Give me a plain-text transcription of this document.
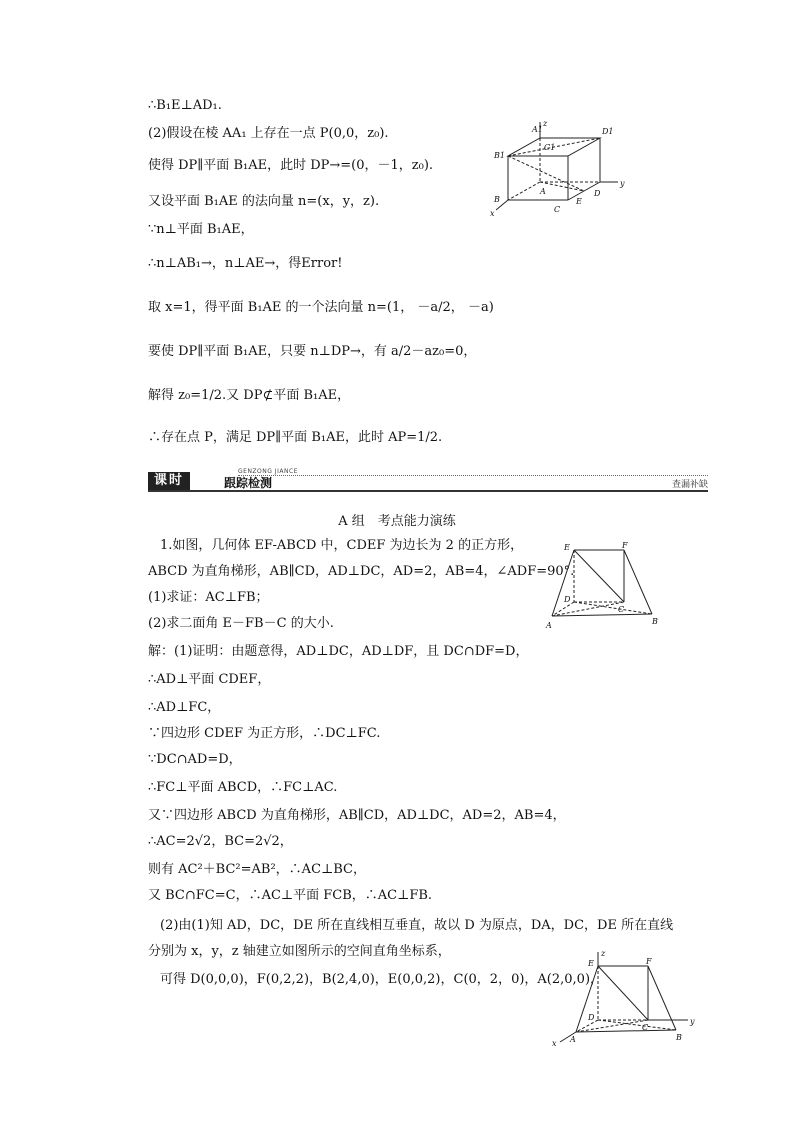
∴B₁E⊥AD₁.
(2)假设在棱 AA₁ 上存在一点 P(0,0，z₀).
使得 DP∥平面 B₁AE，此时 DP→=(0，－1，z₀).
又设平面 B₁AE 的法向量 n=(x，y，z).
∵n⊥平面 B₁AE，
∴n⊥AB₁→，n⊥AE→，得Error!
取 x=1，得平面 B₁AE 的一个法向量 n=(1， －a/2， －a)
要使 DP∥平面 B₁AE，只要 n⊥DP→，有 a/2－az₀=0，
解得 z₀=1/2.又 DP⊄平面 B₁AE，
∴存在点 P，满足 DP∥平面 B₁AE，此时 AP=1/2.
A1
z
D1
C1
B1
B
A	D
y
E
C
x
课时
GENZONG JIANCE
跟踪检测	查漏补缺
A 组　考点能力演练
1.如图，几何体 EF-ABCD 中，CDEF 为边长为 2 的正方形，
ABCD 为直角梯形，AB∥CD，AD⊥DC，AD=2，AB=4，∠ADF=90°.
(1)求证：AC⊥FB；
(2)求二面角 E－FB－C 的大小.
E	F
D
C
A	B
解：(1)证明：由题意得，AD⊥DC，AD⊥DF，且 DC∩DF=D，
∴AD⊥平面 CDEF，
∴AD⊥FC，
∵四边形 CDEF 为正方形，∴DC⊥FC.
∵DC∩AD=D，
∴FC⊥平面 ABCD，∴FC⊥AC.
又∵四边形 ABCD 为直角梯形，AB∥CD，AD⊥DC，AD=2，AB=4，
∴AC=2√2，BC=2√2，
则有 AC²＋BC²=AB²，∴AC⊥BC，
又 BC∩FC=C，∴AC⊥平面 FCB，∴AC⊥FB.
(2)由(1)知 AD，DC，DE 所在直线相互垂直，故以 D 为原点，DA，DC，DE 所在直线
分别为 x，y，z 轴建立如图所示的空间直角坐标系，
可得 D(0,0,0)，F(0,2,2)，B(2,4,0)，E(0,0,2)，C(0，2，0)，A(2,0,0)，
z
E	F
D
C
y
A	B
x
